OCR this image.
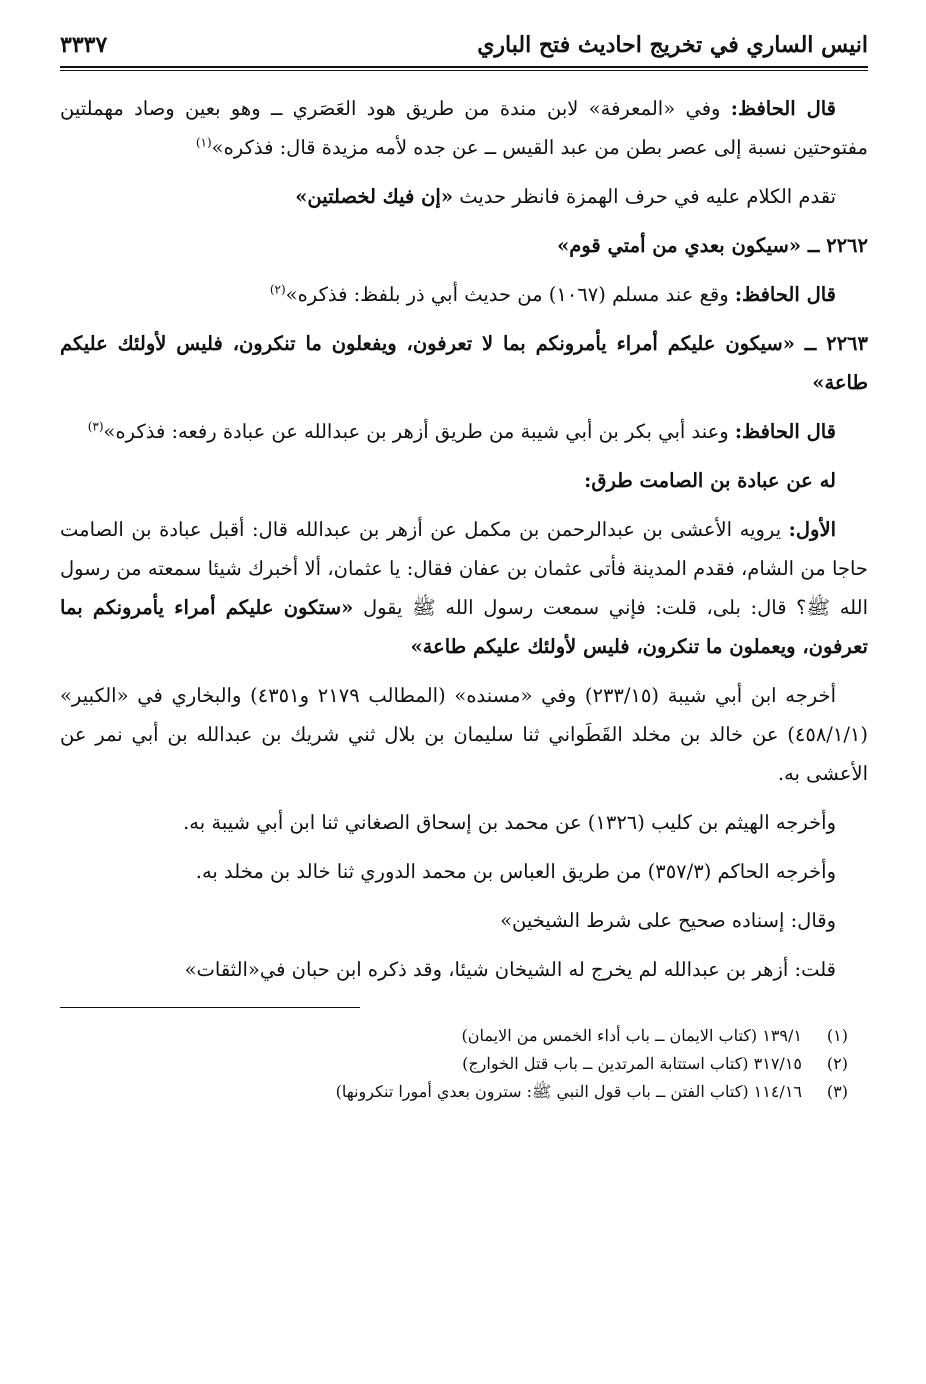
انيس الساري في تخريج احاديث فتح الباري
٣٣٣٧

قال الحافظ: وفي «المعرفة» لابن مندة من طريق هود العَصَري ــ وهو بعين وصاد مهملتين مفتوحتين نسبة إلى عصر بطن من عبد القيس ــ عن جده لأمه مزيدة قال: فذكره»$^{(١)}$

تقدم الكلام عليه في حرف الهمزة فانظر حديث «إن فيك لخصلتين»

٢٢٦٢ ــ «سيكون بعدي من أمتي قوم»

قال الحافظ: وقع عند مسلم (١٠٦٧) من حديث أبي ذر بلفظ: فذكره»$^{(٢)}$

٢٢٦٣ ــ «سيكون عليكم أمراء يأمرونكم بما لا تعرفون، ويفعلون ما تنكرون، فليس لأولئك عليكم طاعة»

قال الحافظ: وعند أبي بكر بن أبي شيبة من طريق أزهر بن عبدالله عن عبادة رفعه: فذكره»$^{(٣)}$

له عن عبادة بن الصامت طرق:

الأول: يرويه الأعشى بن عبدالرحمن بن مكمل عن أزهر بن عبدالله قال: أقبل عبادة بن الصامت حاجا من الشام، فقدم المدينة فأتى عثمان بن عفان فقال: يا عثمان، ألا أخبرك شيئا سمعته من رسول الله ﷺ؟ قال: بلى، قلت: فإني سمعت رسول الله ﷺ يقول «ستكون عليكم أمراء يأمرونكم بما تعرفون، ويعملون ما تنكرون، فليس لأولئك عليكم طاعة»

أخرجه ابن أبي شيبة (٢٣٣/١٥) وفي «مسنده» (المطالب ٢١٧٩ و٤٣٥١) والبخاري في «الكبير» (٤٥٨/١/١) عن خالد بن مخلد القَطَواني ثنا سليمان بن بلال ثني شريك بن عبدالله بن أبي نمر عن الأعشى به.

وأخرجه الهيثم بن كليب (١٣٢٦) عن محمد بن إسحاق الصغاني ثنا ابن أبي شيبة به.

وأخرجه الحاكم (٣٥٧/٣) من طريق العباس بن محمد الدوري ثنا خالد بن مخلد به.

وقال: إسناده صحيح على شرط الشيخين»

قلت: أزهر بن عبدالله لم يخرج له الشيخان شيئا، وقد ذكره ابن حبان في«الثقات»

(١)
١٣٩/١ (كتاب الايمان ــ باب أداء الخمس من الايمان)
(٢)
٣١٧/١٥ (كتاب استتابة المرتدين ــ باب قتل الخوارج)
(٣)
١١٤/١٦ (كتاب الفتن ــ باب قول النبي ﷺ: سترون بعدي أمورا تنكرونها)
